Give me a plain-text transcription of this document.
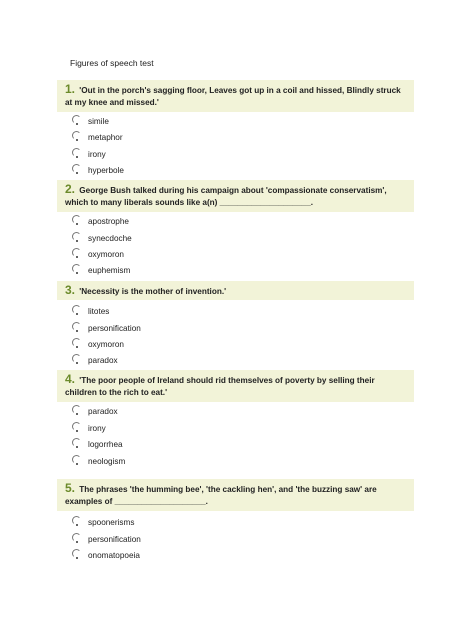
Figures of speech test
1. 'Out in the porch's sagging floor, Leaves got up in a coil and hissed, Blindly struck at my knee and missed.'
simile
metaphor
irony
hyperbole
2. George Bush talked during his campaign about 'compassionate conservatism', which to many liberals sounds like a(n) ____________________.
apostrophe
synecdoche
oxymoron
euphemism
3. 'Necessity is the mother of invention.'
litotes
personification
oxymoron
paradox
4. 'The poor people of Ireland should rid themselves of poverty by selling their children to the rich to eat.'
paradox
irony
logorrhea
neologism
5. The phrases 'the humming bee', 'the cackling hen', and 'the buzzing saw' are examples of ____________________.
spoonerisms
personification
onomatopoeia
